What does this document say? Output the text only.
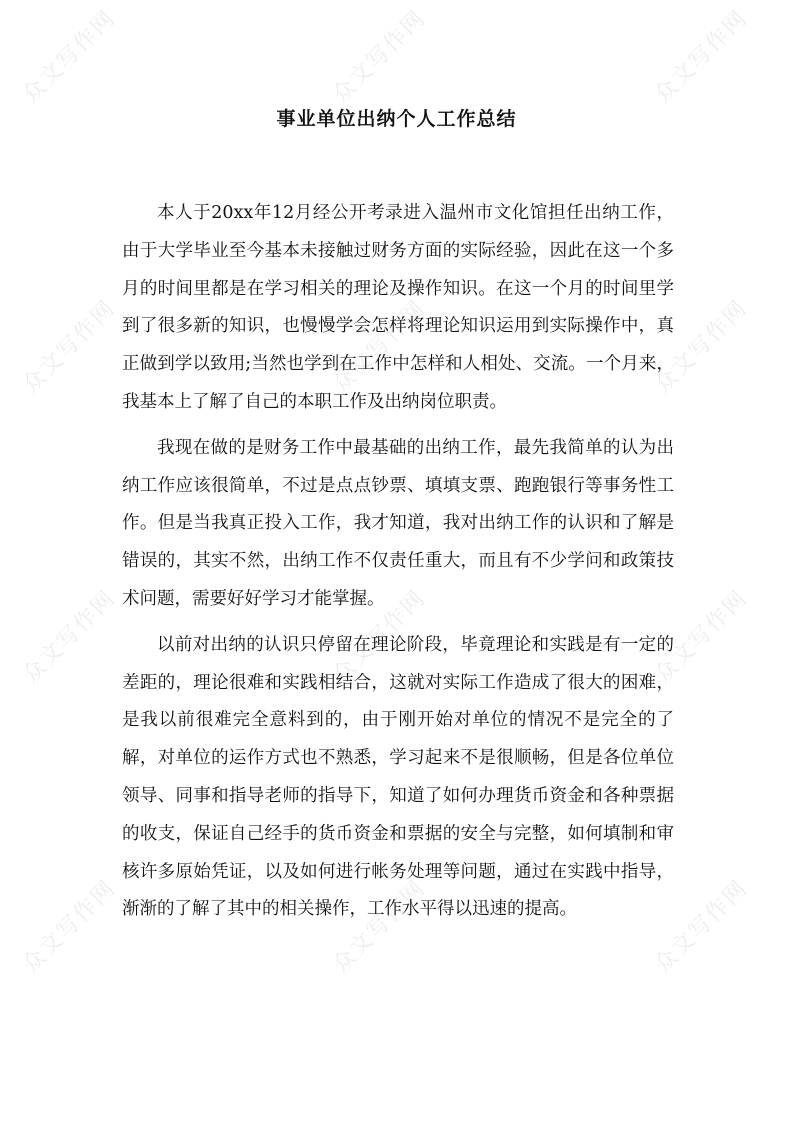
众文写作网	众文写作网	众文写作网
众文写作网	众文写作网	众文写作网
众文写作网	众文写作网	众文写作网
众文写作网	众文写作网	众文写作网
事业单位出纳个人工作总结

本人于20xx年12月经公开考录进入温州市文化馆担任出纳工作，由于大学毕业至今基本未接触过财务方面的实际经验，因此在这一个多月的时间里都是在学习相关的理论及操作知识。在这一个月的时间里学到了很多新的知识，也慢慢学会怎样将理论知识运用到实际操作中，真正做到学以致用;当然也学到在工作中怎样和人相处、交流。一个月来，我基本上了解了自己的本职工作及出纳岗位职责。

我现在做的是财务工作中最基础的出纳工作，最先我简单的认为出纳工作应该很简单，不过是点点钞票、填填支票、跑跑银行等事务性工作。但是当我真正投入工作，我才知道，我对出纳工作的认识和了解是错误的，其实不然，出纳工作不仅责任重大，而且有不少学问和政策技术问题，需要好好学习才能掌握。

以前对出纳的认识只停留在理论阶段，毕竟理论和实践是有一定的差距的，理论很难和实践相结合，这就对实际工作造成了很大的困难，是我以前很难完全意料到的，由于刚开始对单位的情况不是完全的了解，对单位的运作方式也不熟悉，学习起来不是很顺畅，但是各位单位领导、同事和指导老师的指导下，知道了如何办理货币资金和各种票据的收支，保证自己经手的货币资金和票据的安全与完整，如何填制和审核许多原始凭证，以及如何进行帐务处理等问题，通过在实践中指导，渐渐的了解了其中的相关操作，工作水平得以迅速的提高。
